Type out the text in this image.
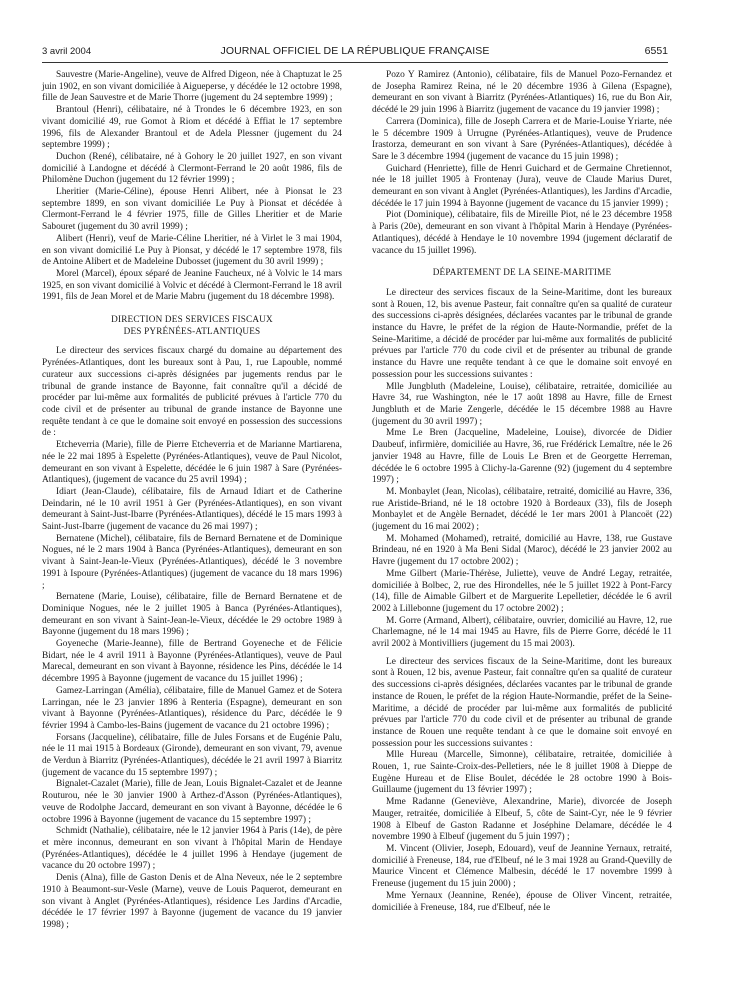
3 avril 2004	JOURNAL OFFICIEL DE LA RÉPUBLIQUE FRANÇAISE	6551

Sauvestre (Marie-Angeline), veuve de Alfred Digeon, née à Chaptuzat le 25 juin 1902, en son vivant domiciliée à Aigueperse, y décédée le 12 octobre 1998, fille de Jean Sauvestre et de Marie Thorre (jugement du 24 septembre 1999) ;

Brantoul (Henri), célibataire, né à Trondes le 6 décembre 1923, en son vivant domicilié 49, rue Gomot à Riom et décédé à Effiat le 17 septembre 1996, fils de Alexander Brantoul et de Adela Plessner (jugement du 24 septembre 1999) ;

Duchon (René), célibataire, né à Gohory le 20 juillet 1927, en son vivant domicilié à Landogne et décédé à Clermont-Ferrand le 20 août 1986, fils de Philomène Duchon (jugement du 12 février 1999) ;

Lheritier (Marie-Céline), épouse Henri Alibert, née à Pionsat le 23 septembre 1899, en son vivant domiciliée Le Puy à Pionsat et décédée à Clermont-Ferrand le 4 février 1975, fille de Gilles Lheritier et de Marie Sabouret (jugement du 30 avril 1999) ;

Alibert (Henri), veuf de Marie-Céline Lheritier, né à Virlet le 3 mai 1904, en son vivant domicilié Le Puy à Pionsat, y décédé le 17 septembre 1978, fils de Antoine Alibert et de Madeleine Dubosset (jugement du 30 avril 1999) ;

Morel (Marcel), époux séparé de Jeanine Faucheux, né à Volvic le 14 mars 1925, en son vivant domicilié à Volvic et décédé à Clermont-Ferrand le 18 avril 1991, fils de Jean Morel et de Marie Mabru (jugement du 18 décembre 1998).

DIRECTION DES SERVICES FISCAUX
DES PYRÉNÉES-ATLANTIQUES

Le directeur des services fiscaux chargé du domaine au département des Pyrénées-Atlantiques, dont les bureaux sont à Pau, 1, rue Lapouble, nommé curateur aux successions ci-après désignées par jugements rendus par le tribunal de grande instance de Bayonne, fait connaître qu'il a décidé de procéder par lui-même aux formalités de publicité prévues à l'article 770 du code civil et de présenter au tribunal de grande instance de Bayonne une requête tendant à ce que le domaine soit envoyé en possession des successions de :

Etcheverria (Marie), fille de Pierre Etcheverria et de Marianne Martiarena, née le 22 mai 1895 à Espelette (Pyrénées-Atlantiques), veuve de Paul Nicolot, demeurant en son vivant à Espelette, décédée le 6 juin 1987 à Sare (Pyrénées-Atlantiques), (jugement de vacance du 25 avril 1994) ;

Idiart (Jean-Claude), célibataire, fils de Arnaud Idiart et de Catherine Deindarin, né le 10 avril 1951 à Ger (Pyrénées-Atlantiques), en son vivant demeurant à Saint-Just-Ibarre (Pyrénées-Atlantiques), décédé le 15 mars 1993 à Saint-Just-Ibarre (jugement de vacance du 26 mai 1997) ;

Bernatene (Michel), célibataire, fils de Bernard Bernatene et de Dominique Nogues, né le 2 mars 1904 à Banca (Pyrénées-Atlantiques), demeurant en son vivant à Saint-Jean-le-Vieux (Pyrénées-Atlantiques), décédé le 3 novembre 1991 à Ispoure (Pyrénées-Atlantiques) (jugement de vacance du 18 mars 1996) ;

Bernatene (Marie, Louise), célibataire, fille de Bernard Bernatene et de Dominique Nogues, née le 2 juillet 1905 à Banca (Pyrénées-Atlantiques), demeurant en son vivant à Saint-Jean-le-Vieux, décédée le 29 octobre 1989 à Bayonne (jugement du 18 mars 1996) ;

Goyeneche (Marie-Jeanne), fille de Bertrand Goyeneche et de Félicie Bidart, née le 4 avril 1911 à Bayonne (Pyrénées-Atlantiques), veuve de Paul Marecal, demeurant en son vivant à Bayonne, résidence les Pins, décédée le 14 décembre 1995 à Bayonne (jugement de vacance du 15 juillet 1996) ;

Gamez-Larringan (Amélia), célibataire, fille de Manuel Gamez et de Sotera Larringan, née le 23 janvier 1896 à Renteria (Espagne), demeurant en son vivant à Bayonne (Pyrénées-Atlantiques), résidence du Parc, décédée le 9 février 1994 à Cambo-les-Bains (jugement de vacance du 21 octobre 1996) ;

Forsans (Jacqueline), célibataire, fille de Jules Forsans et de Eugénie Palu, née le 11 mai 1915 à Bordeaux (Gironde), demeurant en son vivant, 79, avenue de Verdun à Biarritz (Pyrénées-Atlantiques), décédée le 21 avril 1997 à Biarritz (jugement de vacance du 15 septembre 1997) ;

Bignalet-Cazalet (Marie), fille de Jean, Louis Bignalet-Cazalet et de Jeanne Routurou, née le 30 janvier 1900 à Arthez-d'Asson (Pyrénées-Atlantiques), veuve de Rodolphe Jaccard, demeurant en son vivant à Bayonne, décédée le 6 octobre 1996 à Bayonne (jugement de vacance du 15 septembre 1997) ;

Schmidt (Nathalie), célibataire, née le 12 janvier 1964 à Paris (14e), de père et mère inconnus, demeurant en son vivant à l'hôpital Marin de Hendaye (Pyrénées-Atlantiques), décédée le 4 juillet 1996 à Hendaye (jugement de vacance du 20 octobre 1997) ;

Denis (Alna), fille de Gaston Denis et de Alna Neveux, née le 2 septembre 1910 à Beaumont-sur-Vesle (Marne), veuve de Louis Paquerot, demeurant en son vivant à Anglet (Pyrénées-Atlantiques), résidence Les Jardins d'Arcadie, décédée le 17 février 1997 à Bayonne (jugement de vacance du 19 janvier 1998) ;

Pozo Y Ramirez (Antonio), célibataire, fils de Manuel Pozo-Fernandez et de Josepha Ramirez Reina, né le 20 décembre 1936 à Gilena (Espagne), demeurant en son vivant à Biarritz (Pyrénées-Atlantiques) 16, rue du Bon Air, décédé le 29 juin 1996 à Biarritz (jugement de vacance du 19 janvier 1998) ;

Carrera (Dominica), fille de Joseph Carrera et de Marie-Louise Yriarte, née le 5 décembre 1909 à Urrugne (Pyrénées-Atlantiques), veuve de Prudence Irastorza, demeurant en son vivant à Sare (Pyrénées-Atlantiques), décédée à Sare le 3 décembre 1994 (jugement de vacance du 15 juin 1998) ;

Guichard (Henriette), fille de Henri Guichard et de Germaine Chretiennot, née le 18 juillet 1905 à Frontenay (Jura), veuve de Claude Marius Duret, demeurant en son vivant à Anglet (Pyrénées-Atlantiques), les Jardins d'Arcadie, décédée le 17 juin 1994 à Bayonne (jugement de vacance du 15 janvier 1999) ;

Piot (Dominique), célibataire, fils de Mireille Piot, né le 23 décembre 1958 à Paris (20e), demeurant en son vivant à l'hôpital Marin à Hendaye (Pyrénées-Atlantiques), décédé à Hendaye le 10 novembre 1994 (jugement déclaratif de vacance du 15 juillet 1996).

DÉPARTEMENT DE LA SEINE-MARITIME

Le directeur des services fiscaux de la Seine-Maritime, dont les bureaux sont à Rouen, 12, bis avenue Pasteur, fait connaître qu'en sa qualité de curateur des successions ci-après désignées, déclarées vacantes par le tribunal de grande instance du Havre, le préfet de la région de Haute-Normandie, préfet de la Seine-Maritime, a décidé de procéder par lui-même aux formalités de publicité prévues par l'article 770 du code civil et de présenter au tribunal de grande instance du Havre une requête tendant à ce que le domaine soit envoyé en possession pour les successions suivantes :

Mlle Jungbluth (Madeleine, Louise), célibataire, retraitée, domiciliée au Havre 34, rue Washington, née le 17 août 1898 au Havre, fille de Ernest Jungbluth et de Marie Zengerle, décédée le 15 décembre 1988 au Havre (jugement du 30 avril 1997) ;

Mme Le Bren (Jacqueline, Madeleine, Louise), divorcée de Didier Daubeuf, infirmière, domiciliée au Havre, 36, rue Frédérick Lemaître, née le 26 janvier 1948 au Havre, fille de Louis Le Bren et de Georgette Herreman, décédée le 6 octobre 1995 à Clichy-la-Garenne (92) (jugement du 4 septembre 1997) ;

M. Monbaylet (Jean, Nicolas), célibataire, retraité, domicilié au Havre, 336, rue Aristide-Briand, né le 18 octobre 1920 à Bordeaux (33), fils de Joseph Monbaylet et de Angèle Bernadet, décédé le 1er mars 2001 à Plancoët (22) (jugement du 16 mai 2002) ;

M. Mohamed (Mohamed), retraité, domicilié au Havre, 138, rue Gustave Brindeau, né en 1920 à Ma Beni Sidal (Maroc), décédé le 23 janvier 2002 au Havre (jugement du 17 octobre 2002) ;

Mme Gilbert (Marie-Thérèse, Juliette), veuve de André Legay, retraitée, domiciliée à Bolbec, 2, rue des Hirondelles, née le 5 juillet 1922 à Pont-Farcy (14), fille de Aimable Gilbert et de Marguerite Lepelletier, décédée le 6 avril 2002 à Lillebonne (jugement du 17 octobre 2002) ;

M. Gorre (Armand, Albert), célibataire, ouvrier, domicilié au Havre, 12, rue Charlemagne, né le 14 mai 1945 au Havre, fils de Pierre Gorre, décédé le 11 avril 2002 à Montivilliers (jugement du 15 mai 2003).

Le directeur des services fiscaux de la Seine-Maritime, dont les bureaux sont à Rouen, 12 bis, avenue Pasteur, fait connaître qu'en sa qualité de curateur des successions ci-après désignées, déclarées vacantes par le tribunal de grande instance de Rouen, le préfet de la région Haute-Normandie, préfet de la Seine-Maritime, a décidé de procéder par lui-même aux formalités de publicité prévues par l'article 770 du code civil et de présenter au tribunal de grande instance de Rouen une requête tendant à ce que le domaine soit envoyé en possession pour les successions suivantes :

Mlle Hureau (Marcelle, Simonne), célibataire, retraitée, domiciliée à Rouen, 1, rue Sainte-Croix-des-Pelletiers, née le 8 juillet 1908 à Dieppe de Eugène Hureau et de Elise Boulet, décédée le 28 octobre 1990 à Bois-Guillaume (jugement du 13 février 1997) ;

Mme Radanne (Geneviève, Alexandrine, Marie), divorcée de Joseph Mauger, retraitée, domiciliée à Elbeuf, 5, côte de Saint-Cyr, née le 9 février 1908 à Elbeuf de Gaston Radanne et Joséphine Delamare, décédée le 4 novembre 1990 à Elbeuf (jugement du 5 juin 1997) ;

M. Vincent (Olivier, Joseph, Edouard), veuf de Jeannine Yernaux, retraité, domicilié à Freneuse, 184, rue d'Elbeuf, né le 3 mai 1928 au Grand-Quevilly de Maurice Vincent et Clémence Malbesin, décédé le 17 novembre 1999 à Freneuse (jugement du 15 juin 2000) ;

Mme Yernaux (Jeannine, Renée), épouse de Oliver Vincent, retraitée, domiciliée à Freneuse, 184, rue d'Elbeuf, née le
